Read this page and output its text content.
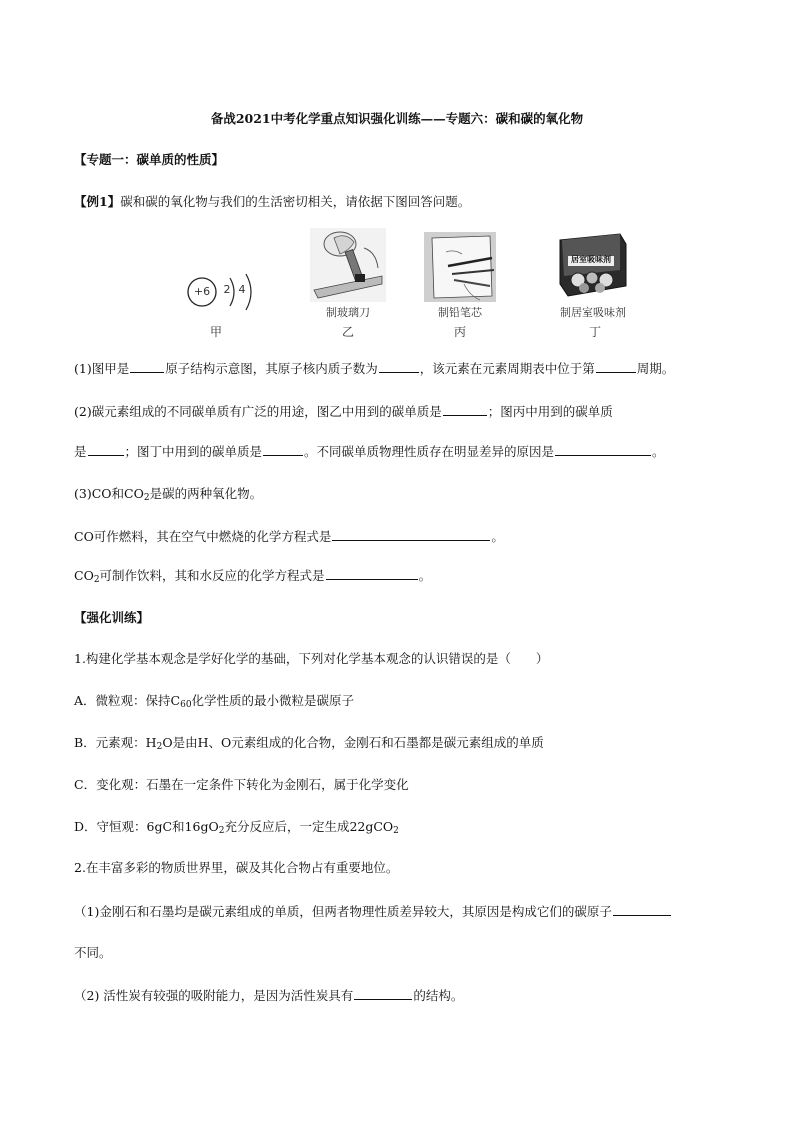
备战2021中考化学重点知识强化训练——专题六：碳和碳的氧化物
【专题一：碳单质的性质】
【例1】碳和碳的氧化物与我们的生活密切相关，请依据下图回答问题。
+6	2 4
制玻璃刀	制铅笔芯
居室吸味剂
制居室吸味剂
甲	乙	丙	丁
(1)图甲是	原子结构示意图，其原子核内质子数为	，该元素在元素周期表中位于第	周期。
(2)碳元素组成的不同碳单质有广泛的用途，图乙中用到的碳单质是	；图丙中用到的碳单质
是	；图丁中用到的碳单质是	。不同碳单质物理性质存在明显差异的原因是	。
(3)CO和$CO_2$是碳的两种氧化物。
CO可作燃料，其在空气中燃烧的化学方程式是	。
$CO_2$可制作饮料，其和水反应的化学方程式是	。
【强化训练】
1.构建化学基本观念是学好化学的基础，下列对化学基本观念的认识错误的是（　　）
A．微粒观：保持$C_{60}$化学性质的最小微粒是碳原子
B．元素观：$H_2O$是由H、O元素组成的化合物，金刚石和石墨都是碳元素组成的单质
C．变化观：石墨在一定条件下转化为金刚石，属于化学变化
D．守恒观：6gC和$16gO_2$充分反应后，一定生成22gCO$_2$
2.在丰富多彩的物质世界里，碳及其化合物占有重要地位。
（1)金刚石和石墨均是碳元素组成的单质，但两者物理性质差异较大，其原因是构成它们的碳原子
不同。
（2) 活性炭有较强的吸附能力，是因为活性炭具有	的结构。
